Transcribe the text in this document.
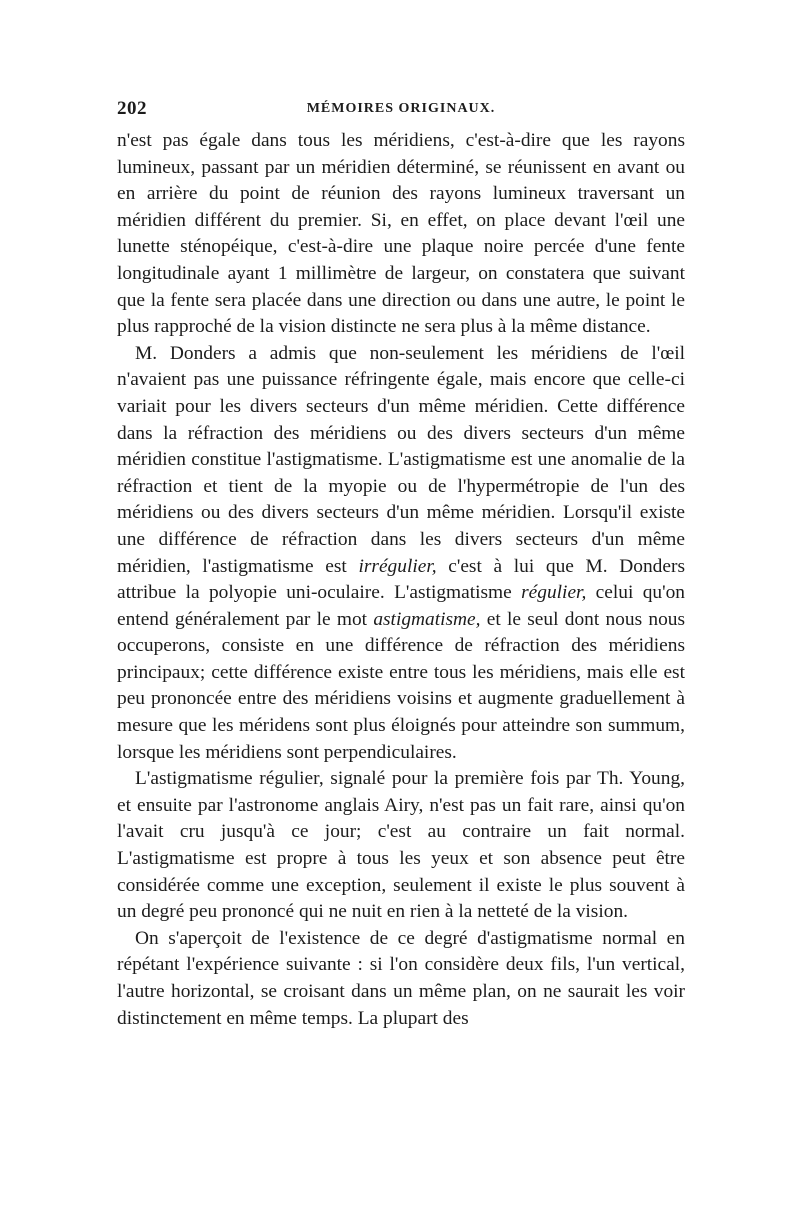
202	MÉMOIRES ORIGINAUX.

n'est pas égale dans tous les méridiens, c'est-à-dire que les rayons lumineux, passant par un méridien déterminé, se réunissent en avant ou en arrière du point de réunion des rayons lumineux traversant un méridien différent du premier. Si, en effet, on place devant l'œil une lunette sténopéique, c'est-à-dire une plaque noire percée d'une fente longitudinale ayant 1 millimètre de largeur, on constatera que suivant que la fente sera placée dans une direction ou dans une autre, le point le plus rapproché de la vision distincte ne sera plus à la même distance.

M. Donders a admis que non-seulement les méridiens de l'œil n'avaient pas une puissance réfringente égale, mais encore que celle-ci variait pour les divers secteurs d'un même méridien. Cette différence dans la réfraction des méridiens ou des divers secteurs d'un même méridien constitue l'astigmatisme. L'astigmatisme est une anomalie de la réfraction et tient de la myopie ou de l'hypermétropie de l'un des méridiens ou des divers secteurs d'un même méridien. Lorsqu'il existe une différence de réfraction dans les divers secteurs d'un même méridien, l'astigmatisme est irrégulier, c'est à lui que M. Donders attribue la polyopie uni-oculaire. L'astigmatisme régulier, celui qu'on entend généralement par le mot astigmatisme, et le seul dont nous nous occuperons, consiste en une différence de réfraction des méridiens principaux; cette différence existe entre tous les méridiens, mais elle est peu prononcée entre des méridiens voisins et augmente graduellement à mesure que les méridens sont plus éloignés pour atteindre son summum, lorsque les méridiens sont perpendiculaires.

L'astigmatisme régulier, signalé pour la première fois par Th. Young, et ensuite par l'astronome anglais Airy, n'est pas un fait rare, ainsi qu'on l'avait cru jusqu'à ce jour; c'est au contraire un fait normal. L'astigmatisme est propre à tous les yeux et son absence peut être considérée comme une exception, seulement il existe le plus souvent à un degré peu prononcé qui ne nuit en rien à la netteté de la vision.

On s'aperçoit de l'existence de ce degré d'astigmatisme normal en répétant l'expérience suivante : si l'on considère deux fils, l'un vertical, l'autre horizontal, se croisant dans un même plan, on ne saurait les voir distinctement en même temps. La plupart des
